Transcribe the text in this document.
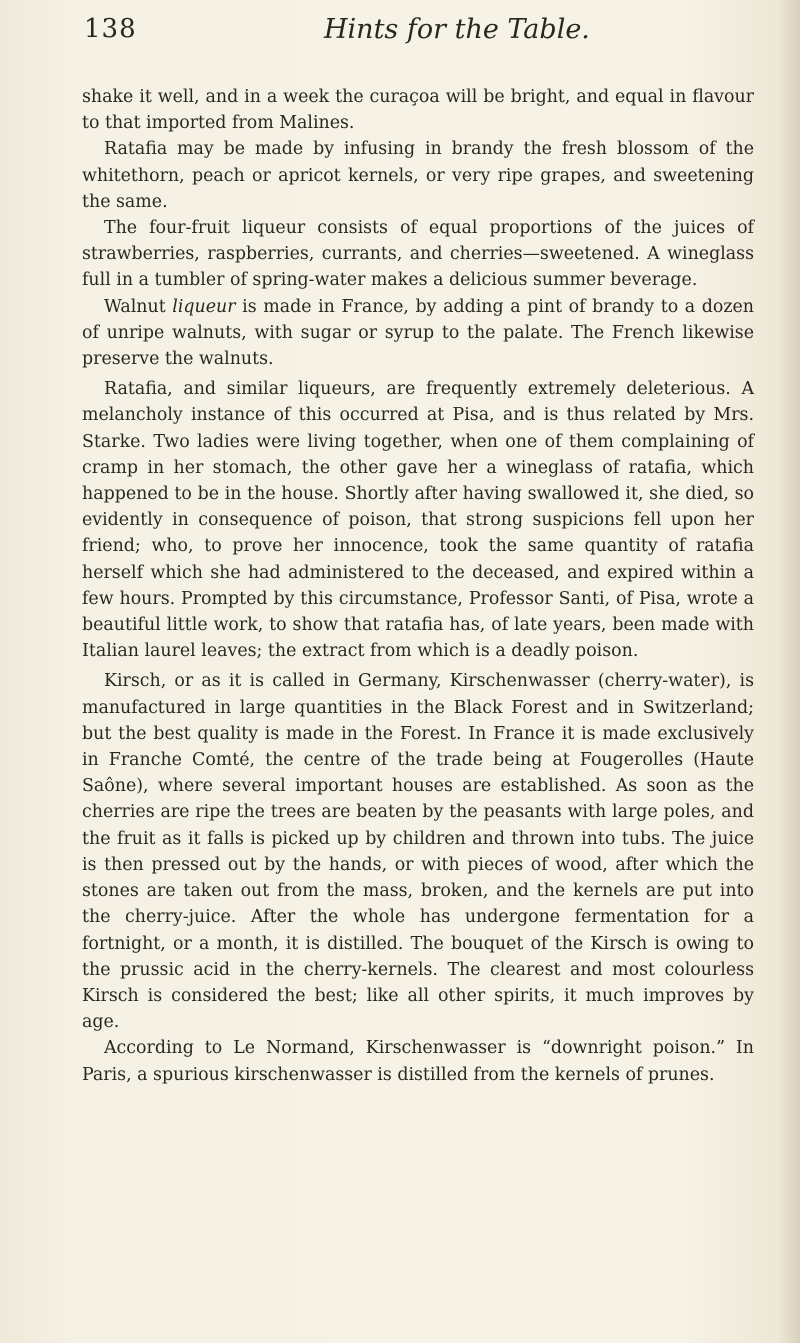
138	Hints for the Table.

shake it well, and in a week the curaçoa will be bright, and equal in flavour to that imported from Malines.

Ratafia may be made by infusing in brandy the fresh blossom of the whitethorn, peach or apricot kernels, or very ripe grapes, and sweetening the same.

The four-fruit liqueur consists of equal proportions of the juices of strawberries, raspberries, currants, and cherries—sweetened. A wineglass full in a tumbler of spring-water makes a delicious summer beverage.

Walnut liqueur is made in France, by adding a pint of brandy to a dozen of unripe walnuts, with sugar or syrup to the palate. The French likewise preserve the walnuts.

Ratafia, and similar liqueurs, are frequently extremely deleterious. A melancholy instance of this occurred at Pisa, and is thus related by Mrs. Starke. Two ladies were living together, when one of them complaining of cramp in her stomach, the other gave her a wineglass of ratafia, which happened to be in the house. Shortly after having swallowed it, she died, so evidently in consequence of poison, that strong suspicions fell upon her friend; who, to prove her innocence, took the same quantity of ratafia herself which she had administered to the deceased, and expired within a few hours. Prompted by this circumstance, Professor Santi, of Pisa, wrote a beautiful little work, to show that ratafia has, of late years, been made with Italian laurel leaves; the extract from which is a deadly poison.

Kirsch, or as it is called in Germany, Kirschenwasser (cherry-water), is manufactured in large quantities in the Black Forest and in Switzerland; but the best quality is made in the Forest. In France it is made exclusively in Franche Comté, the centre of the trade being at Fougerolles (Haute Saône), where several important houses are established. As soon as the cherries are ripe the trees are beaten by the peasants with large poles, and the fruit as it falls is picked up by children and thrown into tubs. The juice is then pressed out by the hands, or with pieces of wood, after which the stones are taken out from the mass, broken, and the kernels are put into the cherry-juice. After the whole has undergone fermentation for a fortnight, or a month, it is distilled. The bouquet of the Kirsch is owing to the prussic acid in the cherry-kernels. The clearest and most colourless Kirsch is considered the best; like all other spirits, it much improves by age.

According to Le Normand, Kirschenwasser is “downright poison.” In Paris, a spurious kirschenwasser is distilled from the kernels of prunes.
